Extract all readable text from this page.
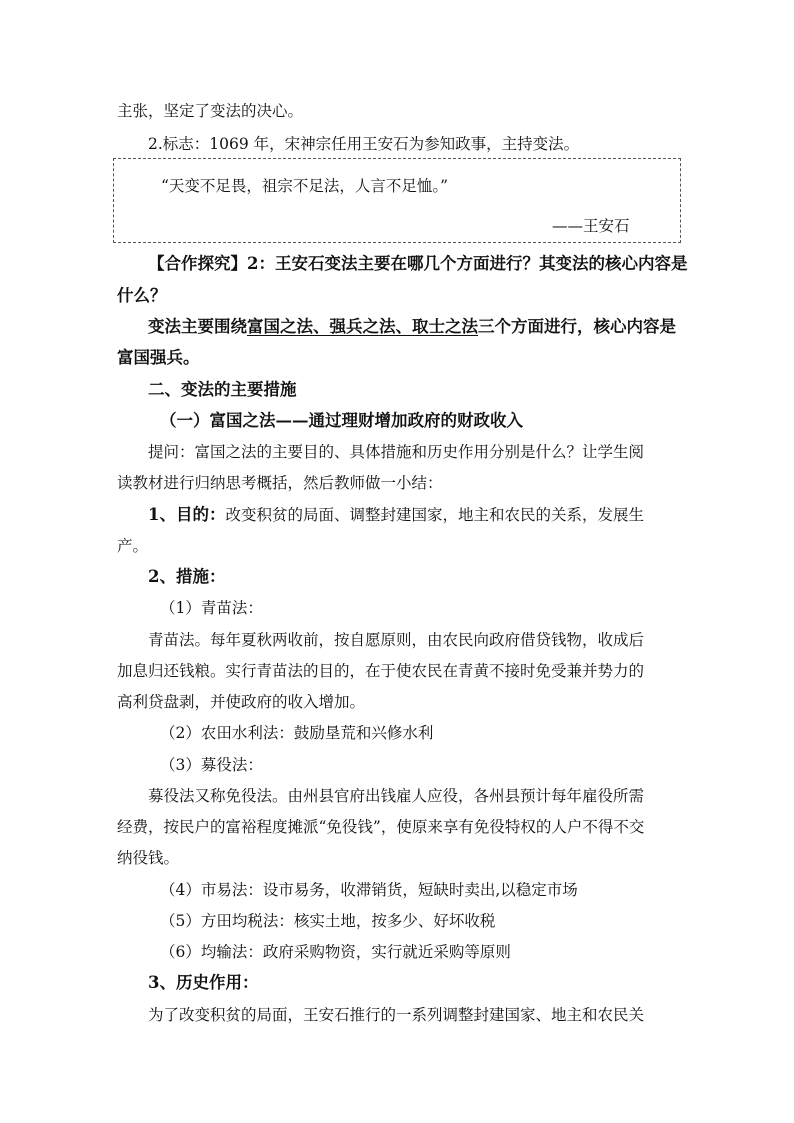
主张，坚定了变法的决心。
2.标志：1069 年，宋神宗任用王安石为参知政事，主持变法。
“天变不足畏，祖宗不足法，人言不足恤。”
——王安石
【合作探究】2：王安石变法主要在哪几个方面进行？其变法的核心内容是
什么？
变法主要围绕富国之法、强兵之法、取士之法三个方面进行，核心内容是
富国强兵。
二、变法的主要措施
（一）富国之法——通过理财增加政府的财政收入
提问：富国之法的主要目的、具体措施和历史作用分别是什么？让学生阅
读教材进行归纳思考概括，然后教师做一小结：
1、目的：改变积贫的局面、调整封建国家，地主和农民的关系，发展生
产。
2、措施：
（1）青苗法：
青苗法。每年夏秋两收前，按自愿原则，由农民向政府借贷钱物，收成后
加息归还钱粮。实行青苗法的目的，在于使农民在青黄不接时免受兼并势力的
高利贷盘剥，并使政府的收入增加。
（2）农田水利法：鼓励垦荒和兴修水利
（3）募役法：
募役法又称免役法。由州县官府出钱雇人应役，各州县预计每年雇役所需
经费，按民户的富裕程度摊派“免役钱”，使原来享有免役特权的人户不得不交
纳役钱。
（4）市易法：设市易务，收滞销货，短缺时卖出,以稳定市场
（5）方田均税法：核实土地，按多少、好坏收税
（6）均输法：政府采购物资，实行就近采购等原则
3、历史作用：
为了改变积贫的局面，王安石推行的一系列调整封建国家、地主和农民关
